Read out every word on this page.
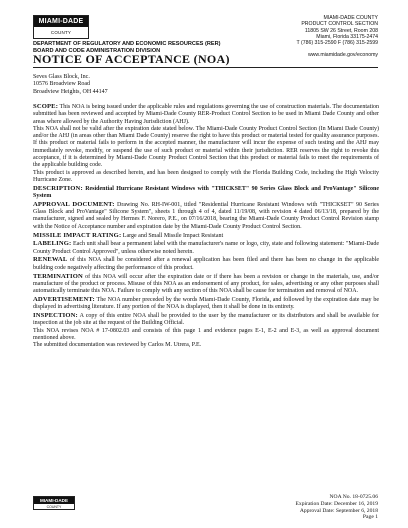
MIAMI-DADE
COUNTY
DEPARTMENT OF REGULATORY AND ECONOMIC RESOURCES (RER)
BOARD AND CODE ADMINISTRATION DIVISION
NOTICE OF ACCEPTANCE (NOA)
MIAMI-DADE COUNTY
PRODUCT CONTROL SECTION
11805 SW 26 Street, Room 208
Miami, Florida 33175-2474
T (786) 315-2590 F (786) 315-2599
www.miamidade.gov/economy
Seves Glass Block, Inc.
10576 Broadview Road
Broadview Heights, OH 44147

SCOPE: This NOA is being issued under the applicable rules and regulations governing the use of construction materials. The documentation submitted has been reviewed and accepted by Miami-Dade County RER-Product Control Section to be used in Miami Dade County and other areas where allowed by the Authority Having Jurisdiction (AHJ).

This NOA shall not be valid after the expiration date stated below. The Miami-Dade County Product Control Section (In Miami Dade County) and/or the AHJ (in areas other than Miami Dade County) reserve the right to have this product or material tested for quality assurance purposes. If this product or material fails to perform in the accepted manner, the manufacturer will incur the expense of such testing and the AHJ may immediately revoke, modify, or suspend the use of such product or material within their jurisdiction. RER reserves the right to revoke this acceptance, if it is determined by Miami-Dade County Product Control Section that this product or material fails to meet the requirements of the applicable building code.

This product is approved as described herein, and has been designed to comply with the Florida Building Code, including the High Velocity Hurricane Zone.

DESCRIPTION: Residential Hurricane Resistant Windows with "THICKSET" 90 Series Glass Block and ProVantage" Silicone System

APPROVAL DOCUMENT: Drawing No. RH-IW-001, titled "Residential Hurricane Resistant Windows with "THICKSET" 90 Series Glass Block and ProVantage" Silicone System", sheets 1 through 4 of 4, dated 11/19/08, with revision 4 dated 06/13/18, prepared by the manufacturer, signed and sealed by Hermes F. Norero, P.E., on 07/16/2018, bearing the Miami-Dade County Product Control Revision stamp with the Notice of Acceptance number and expiration date by the Miami-Dade County Product Control Section.

MISSILE IMPACT RATING: Large and Small Missile Impact Resistant

LABELING: Each unit shall bear a permanent label with the manufacturer's name or logo, city, state and following statement: "Miami-Dade County Product Control Approved", unless otherwise noted herein.

RENEWAL of this NOA shall be considered after a renewal application has been filed and there has been no change in the applicable building code negatively affecting the performance of this product.

TERMINATION of this NOA will occur after the expiration date or if there has been a revision or change in the materials, use, and/or manufacture of the product or process. Misuse of this NOA as an endorsement of any product, for sales, advertising or any other purposes shall automatically terminate this NOA. Failure to comply with any section of this NOA shall be cause for termination and removal of NOA.

ADVERTISEMENT: The NOA number preceded by the words Miami-Dade County, Florida, and followed by the expiration date may be displayed in advertising literature. If any portion of the NOA is displayed, then it shall be done in its entirety.

INSPECTION: A copy of this entire NOA shall be provided to the user by the manufacturer or its distributors and shall be available for inspection at the job site at the request of the Building Official.

This NOA revises NOA # 17-0802.03 and consists of this page 1 and evidence pages E-1, E-2 and E-3, as well as approval document mentioned above.

The submitted documentation was reviewed by Carlos M. Utrera, P.E.

MIAMI-DADE
COUNTY
NOA No. 18-0725.06
Expiration Date: December 16, 2019
Approval Date: September 6, 2018
Page 1
